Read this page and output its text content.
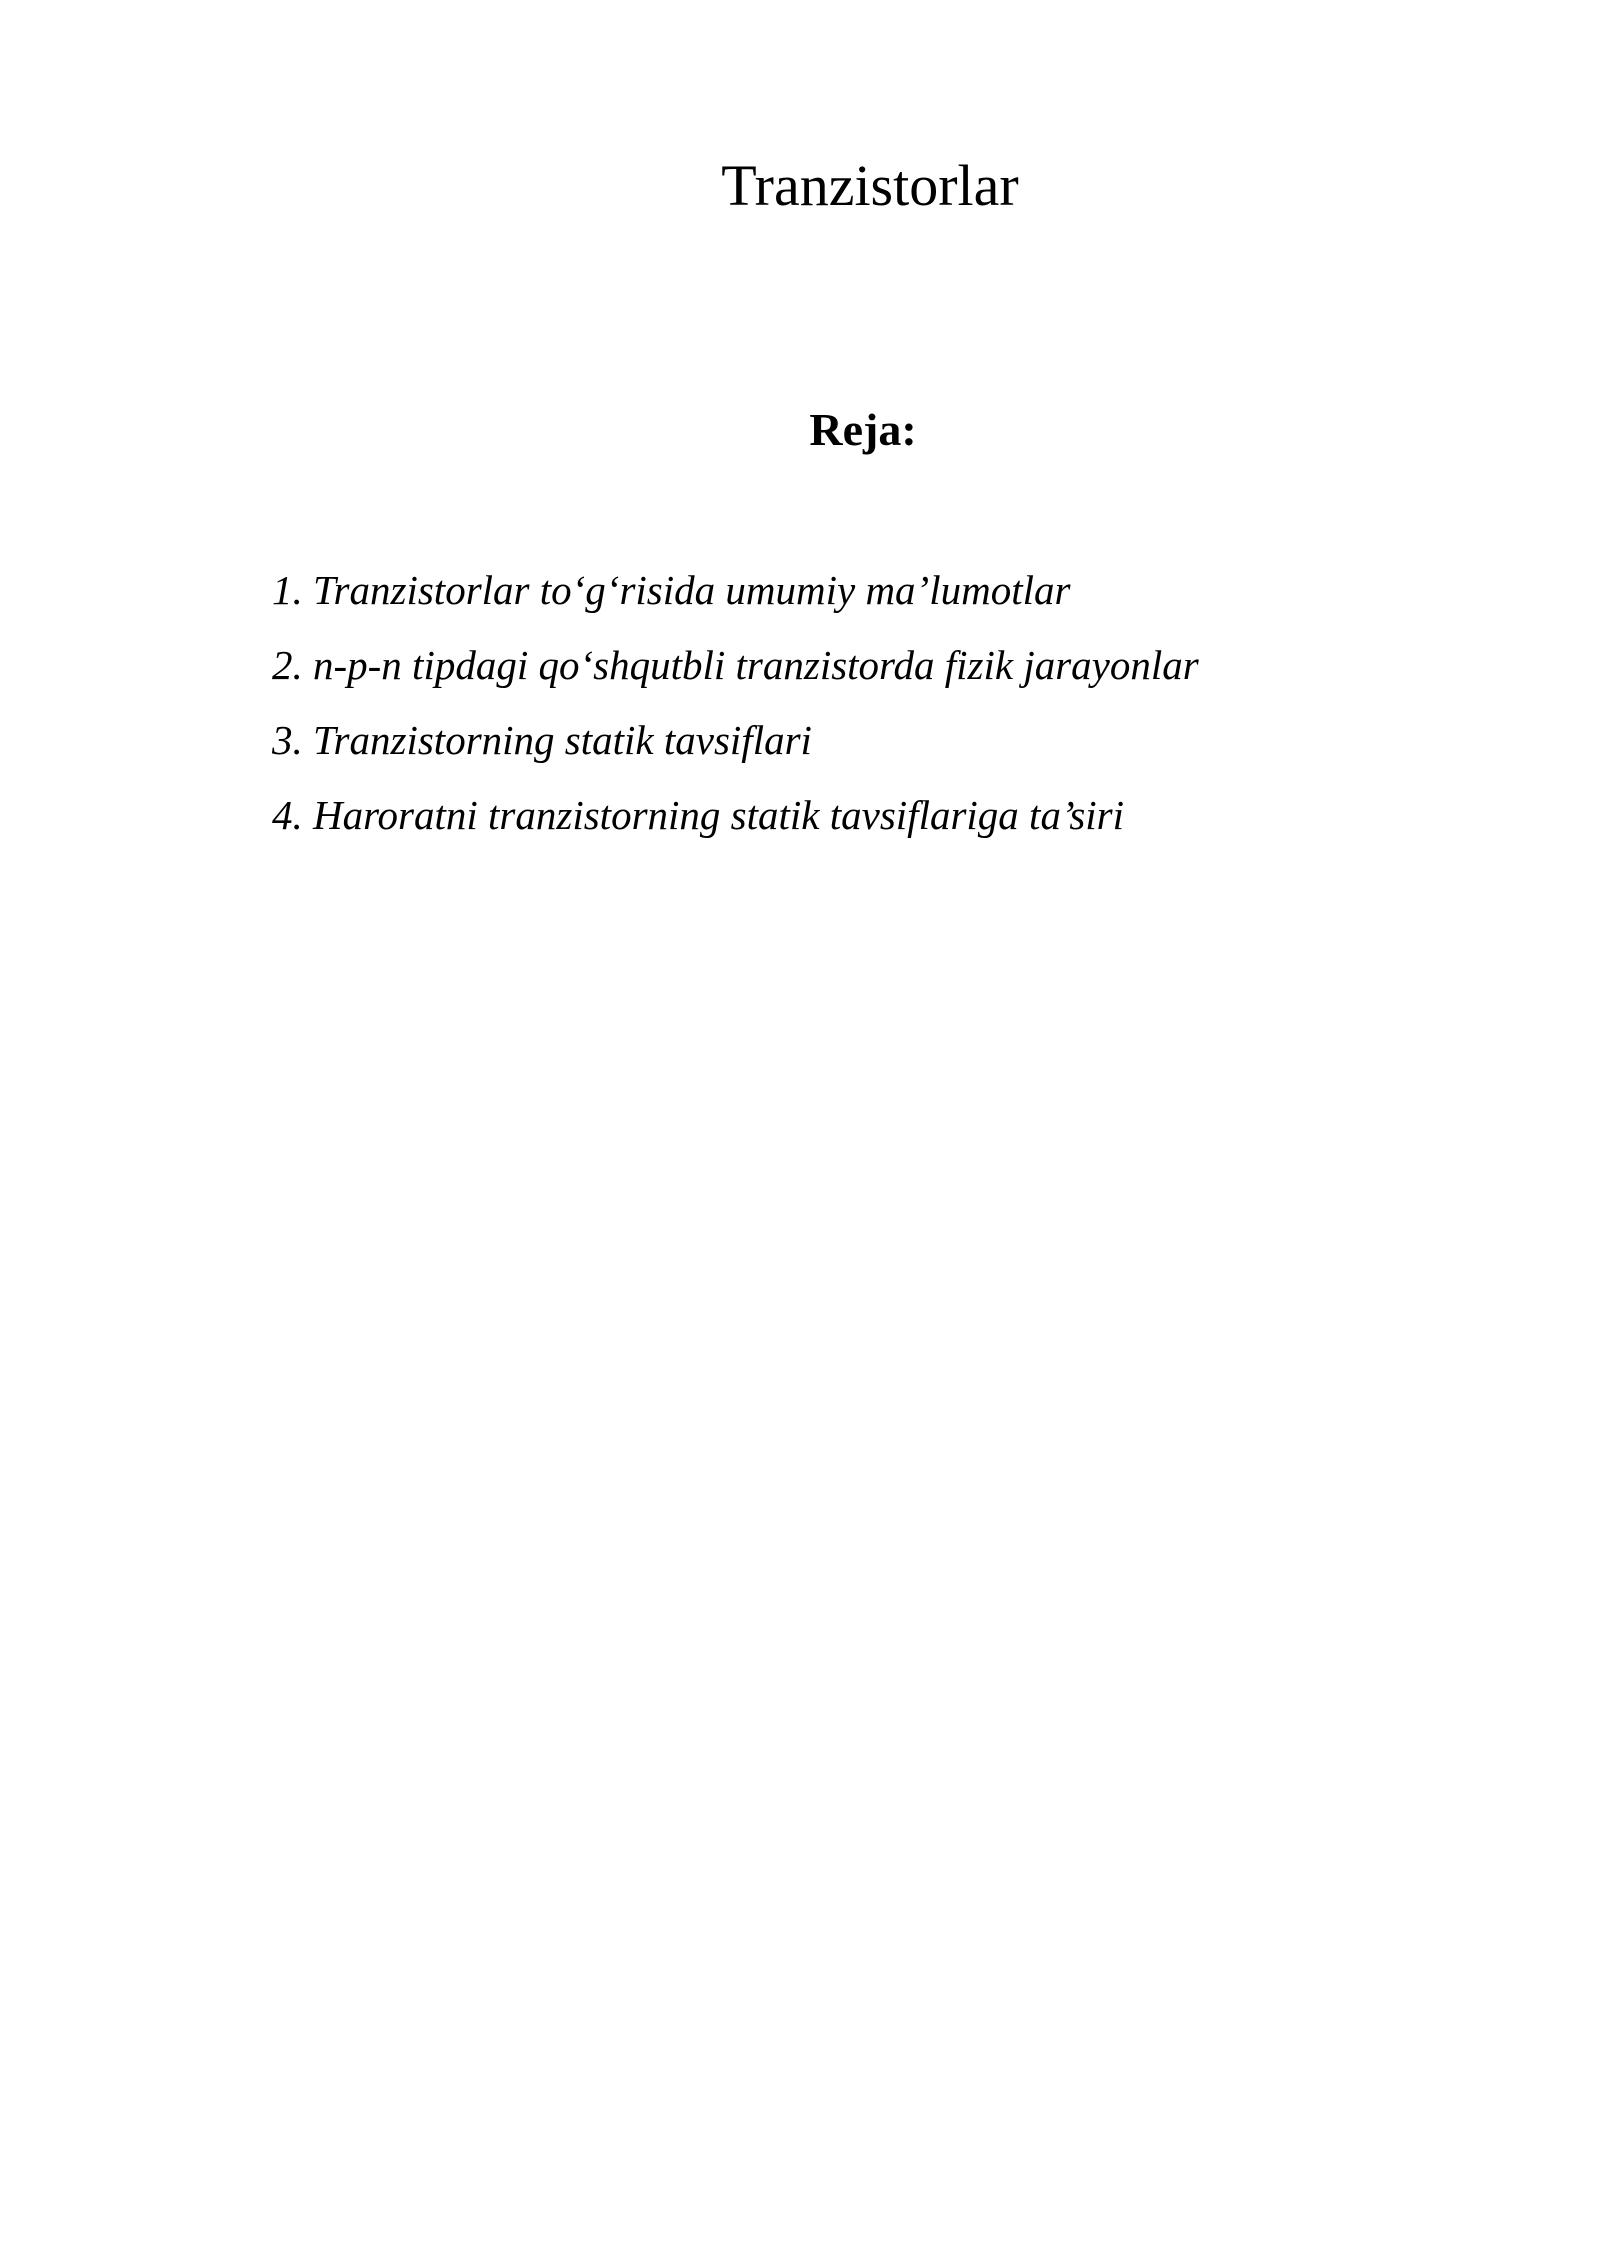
Tranzistorlar
Reja:
1. Tranzistorlar to‘g‘risida umumiy ma’lumotlar
2. n-p-n tipdagi qo‘shqutbli tranzistorda fizik jarayonlar
3. Tranzistorning statik tavsiflari
4. Haroratni tranzistorning statik tavsiflariga ta’siri
